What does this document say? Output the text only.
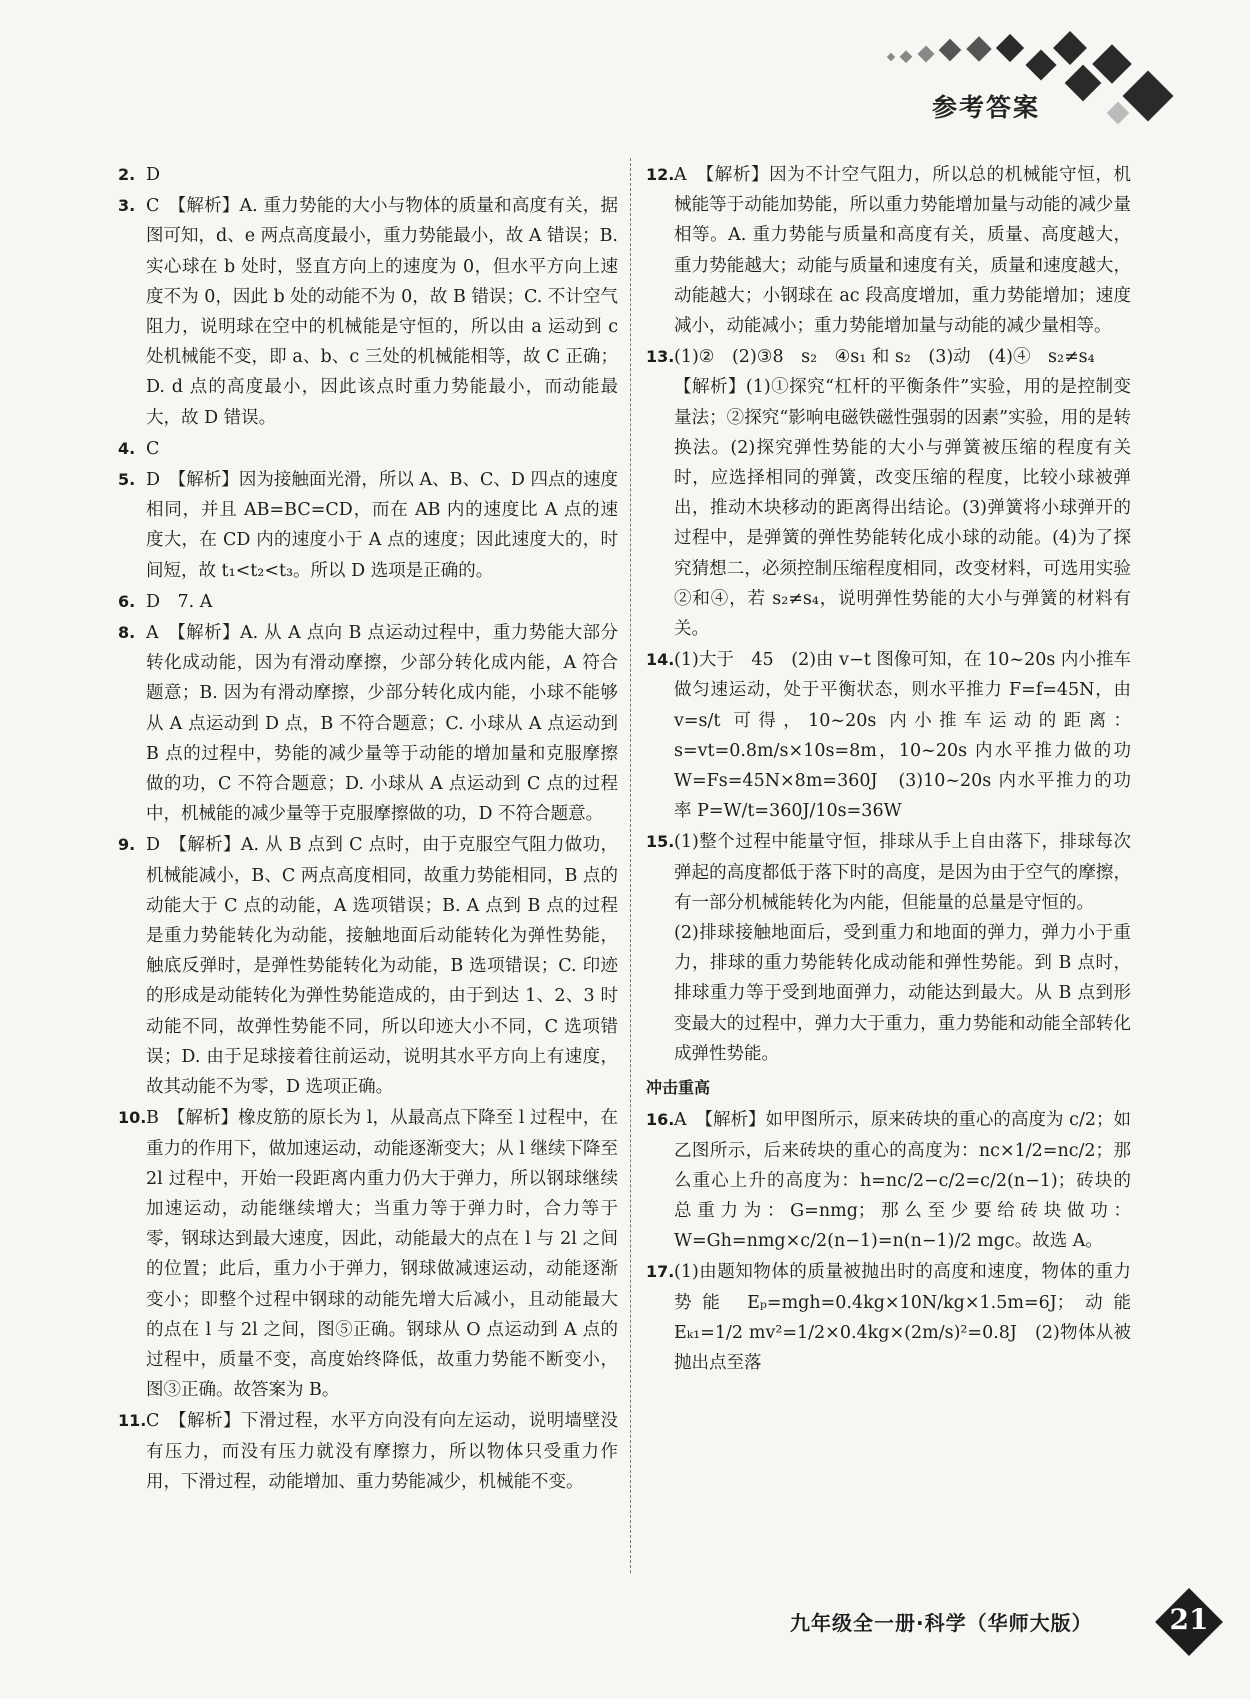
参考答案
2. D

3. C　【解析】A. 重力势能的大小与物体的质量和高度有关，据图可知，d、e 两点高度最小，重力势能最小，故 A 错误；B. 实心球在 b 处时，竖直方向上的速度为 0，但水平方向上速度不为 0，因此 b 处的动能不为 0，故 B 错误；C. 不计空气阻力，说明球在空中的机械能是守恒的，所以由 a 运动到 c 处机械能不变，即 a、b、c 三处的机械能相等，故 C 正确；D. d 点的高度最小，因此该点时重力势能最小，而动能最大，故 D 错误。

4. C

5. D　【解析】因为接触面光滑，所以 A、B、C、D 四点的速度相同，并且 AB=BC=CD，而在 AB 内的速度比 A 点的速度大，在 CD 内的速度小于 A 点的速度；因此速度大的，时间短，故 t₁<t₂<t₃。所以 D 选项是正确的。

6. D　7. A

8. A　【解析】A. 从 A 点向 B 点运动过程中，重力势能大部分转化成动能，因为有滑动摩擦，少部分转化成内能，A 符合题意；B. 因为有滑动摩擦，少部分转化成内能，小球不能够从 A 点运动到 D 点，B 不符合题意；C. 小球从 A 点运动到 B 点的过程中，势能的减少量等于动能的增加量和克服摩擦做的功，C 不符合题意；D. 小球从 A 点运动到 C 点的过程中，机械能的减少量等于克服摩擦做的功，D 不符合题意。

9. D　【解析】A. 从 B 点到 C 点时，由于克服空气阻力做功，机械能减小，B、C 两点高度相同，故重力势能相同，B 点的动能大于 C 点的动能，A 选项错误；B. A 点到 B 点的过程是重力势能转化为动能，接触地面后动能转化为弹性势能，触底反弹时，是弹性势能转化为动能，B 选项错误；C. 印迹的形成是动能转化为弹性势能造成的，由于到达 1、2、3 时动能不同，故弹性势能不同，所以印迹大小不同，C 选项错误；D. 由于足球接着往前运动，说明其水平方向上有速度，故其动能不为零，D 选项正确。

10. B　【解析】橡皮筋的原长为 l，从最高点下降至 l 过程中，在重力的作用下，做加速运动，动能逐渐变大；从 l 继续下降至 2l 过程中，开始一段距离内重力仍大于弹力，所以钢球继续加速运动，动能继续增大；当重力等于弹力时，合力等于零，钢球达到最大速度，因此，动能最大的点在 l 与 2l 之间的位置；此后，重力小于弹力，钢球做减速运动，动能逐渐变小；即整个过程中钢球的动能先增大后减小，且动能最大的点在 l 与 2l 之间，图⑤正确。钢球从 O 点运动到 A 点的过程中，质量不变，高度始终降低，故重力势能不断变小，图③正确。故答案为 B。

11. C　【解析】下滑过程，水平方向没有向左运动，说明墙壁没有压力，而没有压力就没有摩擦力，所以物体只受重力作用，下滑过程，动能增加、重力势能减少，机械能不变。

12. A　【解析】因为不计空气阻力，所以总的机械能守恒，机械能等于动能加势能，所以重力势能增加量与动能的减少量相等。A. 重力势能与质量和高度有关，质量、高度越大，重力势能越大；动能与质量和速度有关，质量和速度越大，动能越大；小钢球在 ac 段高度增加，重力势能增加；速度减小，动能减小；重力势能增加量与动能的减少量相等。

13. (1)②　(2)③8　s₂　④s₁ 和 s₂　(3)动　(4)④　s₂≠s₄
【解析】(1)①探究“杠杆的平衡条件”实验，用的是控制变量法；②探究“影响电磁铁磁性强弱的因素”实验，用的是转换法。(2)探究弹性势能的大小与弹簧被压缩的程度有关时，应选择相同的弹簧，改变压缩的程度，比较小球被弹出，推动木块移动的距离得出结论。(3)弹簧将小球弹开的过程中，是弹簧的弹性势能转化成小球的动能。(4)为了探究猜想二，必须控制压缩程度相同，改变材料，可选用实验②和④，若 s₂≠s₄，说明弹性势能的大小与弹簧的材料有关。

14. (1)大于　45　(2)由 v−t 图像可知，在 10~20s 内小推车做匀速运动，处于平衡状态，则水平推力 F=f=45N，由 v=s/t 可得，10~20s 内小推车运动的距离：s=vt=0.8m/s×10s=8m，10~20s 内水平推力做的功 W=Fs=45N×8m=360J　(3)10~20s 内水平推力的功率 P=W/t=360J/10s=36W

15. (1)整个过程中能量守恒，排球从手上自由落下，排球每次弹起的高度都低于落下时的高度，是因为由于空气的摩擦，有一部分机械能转化为内能，但能量的总量是守恒的。
(2)排球接触地面后，受到重力和地面的弹力，弹力小于重力，排球的重力势能转化成动能和弹性势能。到 B 点时，排球重力等于受到地面弹力，动能达到最大。从 B 点到形变最大的过程中，弹力大于重力，重力势能和动能全部转化成弹性势能。

冲击重高
16. A　【解析】如甲图所示，原来砖块的重心的高度为 c/2；如乙图所示，后来砖块的重心的高度为：nc×1/2=nc/2；那么重心上升的高度为：h=nc/2−c/2=c/2(n−1)；砖块的总重力为：G=nmg；那么至少要给砖块做功：W=Gh=nmg×c/2(n−1)=n(n−1)/2 mgc。故选 A。

17. (1)由题知物体的质量被抛出时的高度和速度，物体的重力势能 Eₚ=mgh=0.4kg×10N/kg×1.5m=6J；动能 Eₖ₁=1/2 mv²=1/2×0.4kg×(2m/s)²=0.8J　(2)物体从被抛出点至落

九年级全一册·科学（华师大版）	21
